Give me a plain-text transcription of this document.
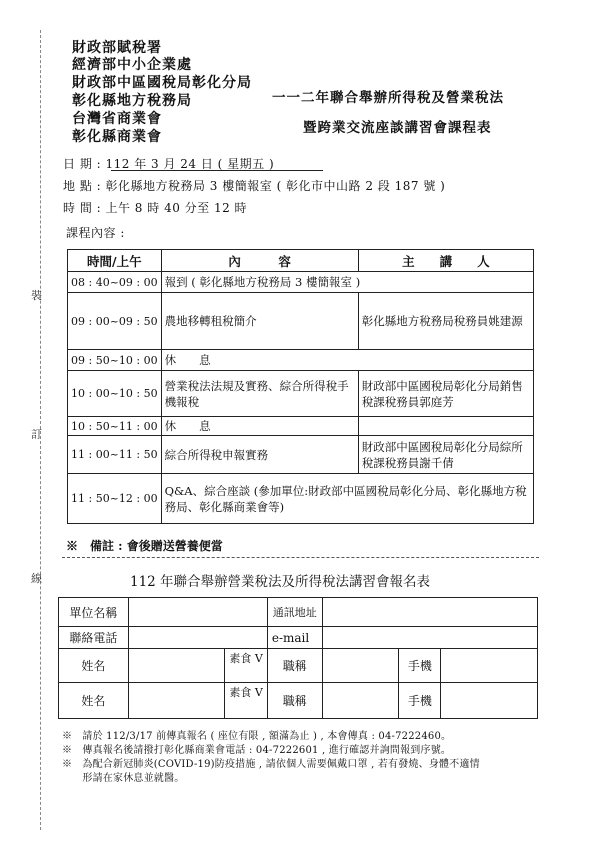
裝
訂
線
財政部賦稅署
經濟部中小企業處
財政部中區國稅局彰化分局
彰化縣地方稅務局
台灣省商業會
彰化縣商業會
一一二年聯合舉辦所得稅及營業稅法
暨跨業交流座談講習會課程表
日 期 : 112 年 3 月 24 日 ( 星期五 )
地 點 : 彰化縣地方稅務局 3 樓簡報室 ( 彰化市中山路 2 段 187 號 )
時 間 : 上午 8 時 40 分至 12 時
課程內容 :
時間/上午	內　　　容	主　　講　　人
08 : 40~09 : 00	報到 ( 彰化縣地方稅務局 3 樓簡報室 )	
09 : 00~09 : 50	農地移轉租稅簡介	彰化縣地方稅務局稅務員姚建源
09 : 50~10 : 00	休　　息	
10 : 00~10 : 50	營業稅法法規及實務、綜合所得稅手機報稅	財政部中區國稅局彰化分局銷售稅課稅務員郭庭芳
10 : 50~11 : 00	休　　息	
11 : 00~11 : 50	綜合所得稅申報實務	財政部中區國稅局彰化分局綜所稅課稅務員謝千倩
11 : 50~12 : 00	Q&A、綜合座談 (參加單位:財政部中區國稅局彰化分局、彰化縣地方稅務局、彰化縣商業會等)	
※　備註 : 會後贈送營養便當
112 年聯合舉辦營業稅法及所得稅法講習會報名表
單位名稱			通訊地址			
聯絡電話			e-mail			
姓名		素食 V	職稱		手機	
姓名		素食 V	職稱		手機	
※　請於 112/3/17 前傳真報名 ( 座位有限 , 額滿為止 ) , 本會傳真 : 04-7222460。
※　傳真報名後請撥打彰化縣商業會電話 : 04-7222601 , 進行確認并詢問報到序號。
※　為配合新冠肺炎(COVID-19)防疫措施 , 請依個人需要佩戴口罩 , 若有發燒、身體不適情
　　形請在家休息並就醫。
